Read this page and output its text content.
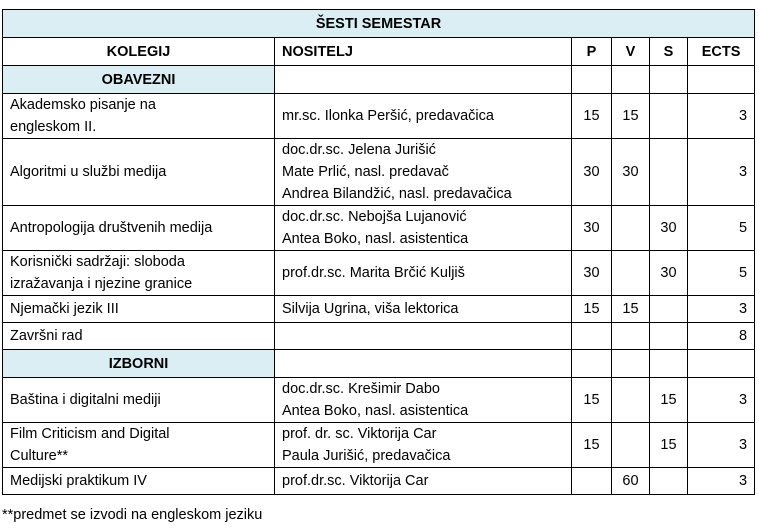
ŠESTI SEMESTAR					
KOLEGIJ	NOSITELJ	P	V	S	ECTS
OBAVEZNI					

Akademsko pisanje na
engleskom II.	mr.sc. Ilonka Peršić, predavačica	15	15		3

Algoritmi u službi medija	doc.dr.sc. Jelena Jurišić
Mate Prlić, nasl. predavač
Andrea Bilandžić, nasl. predavačica	30	30		3

Antropologija društvenih medija	doc.dr.sc. Nebojša Lujanović
Antea Boko, nasl. asistentica	30		30	5

Korisnički sadržaji: sloboda
izražavanja i njezine granice	prof.dr.sc. Marita Brčić Kuljiš	30		30	5

Njemački jezik III	Silvija Ugrina, viša lektorica	15	15		3

Završni rad					8
IZBORNI					

Baština i digitalni mediji	doc.dr.sc. Krešimir Dabo
Antea Boko, nasl. asistentica	15		15	3

Film Criticism and Digital
Culture**	prof. dr. sc. Viktorija Car
Paula Jurišić, predavačica	15		15	3

Medijski praktikum IV	prof.dr.sc. Viktorija Car		60		3
**predmet se izvodi na engleskom jeziku
